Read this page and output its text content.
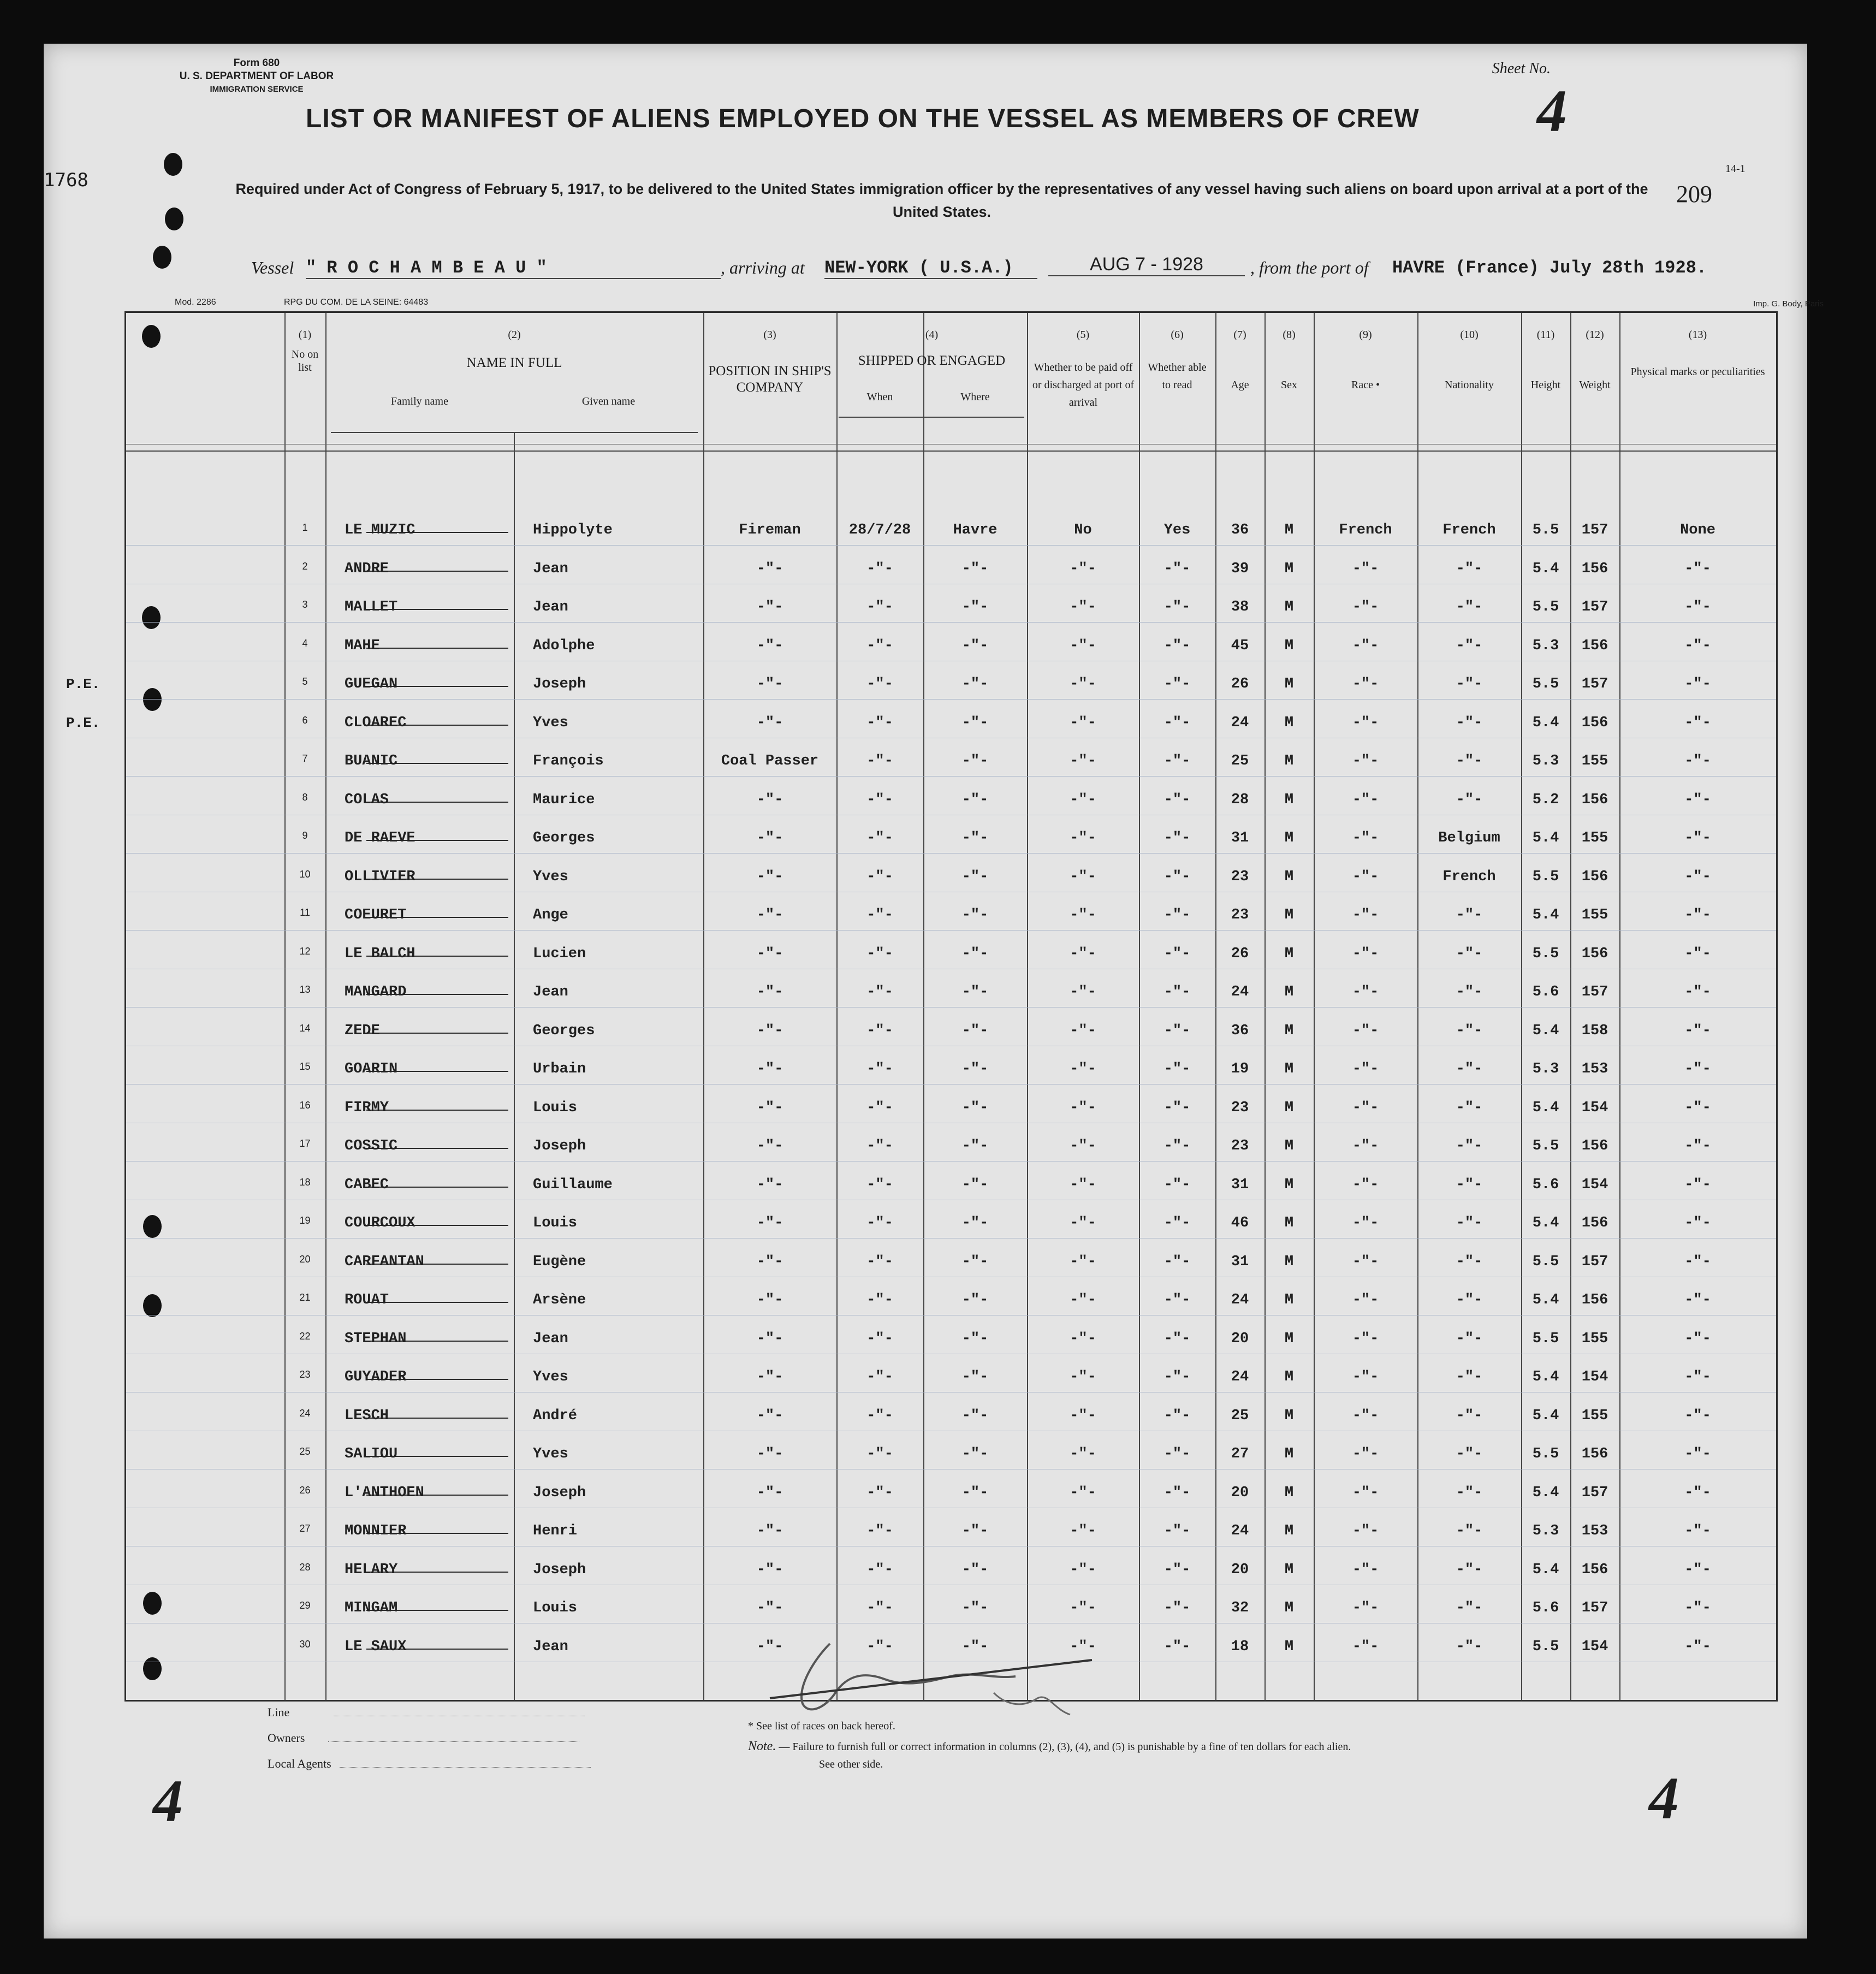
1768
Form 680
U. S. DEPARTMENT OF LABOR
IMMIGRATION SERVICE
Sheet No.
4
LIST OR MANIFEST OF ALIENS EMPLOYED ON THE VESSEL AS MEMBERS OF CREW
Required under Act of Congress of February 5, 1917, to be delivered to the United States immigration officer by the representatives of any vessel having such aliens on board upon arrival at a port of the United States.
14-1
209
Vessel " R O C H A M B E A U "	, arriving at NEW-YORK ( U.S.A.)	AUG 7 - 1928	, from the port of HAVRE (France) July 28th 1928.
Mod. 2286	RPG DU COM. DE LA SEINE: 64483	Imp. G. Body, Paris
(1)
No on list
(2)
NAME IN FULL
Family name	Given name
(3)
POSITION IN SHIP'S COMPANY
(4)
SHIPPED OR ENGAGED
When	Where
(5)
Whether to be paid off or discharged at port of arrival
(6)
Whether able to read
(7)
Age
(8)
Sex
(9)
Race •
(10)
Nationality
(11)
Height
(12)
Weight
(13)
Physical marks or peculiarities
1	LE MUZIC	Hippolyte	Fireman	28/7/28	Havre	No	Yes	36	M	French	French	5.5	157	None
2	ANDRE	Jean	-"-	-"-	-"-	-"-	-"-	39	M	-"-	-"-	5.4	156	-"-
3	MALLET	Jean	-"-	-"-	-"-	-"-	-"-	38	M	-"-	-"-	5.5	157	-"-
4	MAHE	Adolphe	-"-	-"-	-"-	-"-	-"-	45	M	-"-	-"-	5.3	156	-"-
5	GUEGAN	Joseph	-"-	-"-	-"-	-"-	-"-	26	M	-"-	-"-	5.5	157	-"-
P.E.
6	CLOAREC	Yves	-"-	-"-	-"-	-"-	-"-	24	M	-"-	-"-	5.4	156	-"-
P.E.
7	BUANIC	François	Coal Passer	-"-	-"-	-"-	-"-	25	M	-"-	-"-	5.3	155	-"-
8	COLAS	Maurice	-"-	-"-	-"-	-"-	-"-	28	M	-"-	-"-	5.2	156	-"-
9	DE RAEVE	Georges	-"-	-"-	-"-	-"-	-"-	31	M	-"-	Belgium	5.4	155	-"-
10	OLLIVIER	Yves	-"-	-"-	-"-	-"-	-"-	23	M	-"-	French	5.5	156	-"-
11	COEURET	Ange	-"-	-"-	-"-	-"-	-"-	23	M	-"-	-"-	5.4	155	-"-
12	LE BALCH	Lucien	-"-	-"-	-"-	-"-	-"-	26	M	-"-	-"-	5.5	156	-"-
13	MANGARD	Jean	-"-	-"-	-"-	-"-	-"-	24	M	-"-	-"-	5.6	157	-"-
14	ZEDE	Georges	-"-	-"-	-"-	-"-	-"-	36	M	-"-	-"-	5.4	158	-"-
15	GOARIN	Urbain	-"-	-"-	-"-	-"-	-"-	19	M	-"-	-"-	5.3	153	-"-
16	FIRMY	Louis	-"-	-"-	-"-	-"-	-"-	23	M	-"-	-"-	5.4	154	-"-
17	COSSIC	Joseph	-"-	-"-	-"-	-"-	-"-	23	M	-"-	-"-	5.5	156	-"-
18	CABEC	Guillaume	-"-	-"-	-"-	-"-	-"-	31	M	-"-	-"-	5.6	154	-"-
19	COURCOUX	Louis	-"-	-"-	-"-	-"-	-"-	46	M	-"-	-"-	5.4	156	-"-
20	CARFANTAN	Eugène	-"-	-"-	-"-	-"-	-"-	31	M	-"-	-"-	5.5	157	-"-
21	ROUAT	Arsène	-"-	-"-	-"-	-"-	-"-	24	M	-"-	-"-	5.4	156	-"-
22	STEPHAN	Jean	-"-	-"-	-"-	-"-	-"-	20	M	-"-	-"-	5.5	155	-"-
23	GUYADER	Yves	-"-	-"-	-"-	-"-	-"-	24	M	-"-	-"-	5.4	154	-"-
24	LESCH	André	-"-	-"-	-"-	-"-	-"-	25	M	-"-	-"-	5.4	155	-"-
25	SALIOU	Yves	-"-	-"-	-"-	-"-	-"-	27	M	-"-	-"-	5.5	156	-"-
26	L'ANTHOEN	Joseph	-"-	-"-	-"-	-"-	-"-	20	M	-"-	-"-	5.4	157	-"-
27	MONNIER	Henri	-"-	-"-	-"-	-"-	-"-	24	M	-"-	-"-	5.3	153	-"-
28	HELARY	Joseph	-"-	-"-	-"-	-"-	-"-	20	M	-"-	-"-	5.4	156	-"-
29	MINGAM	Louis	-"-	-"-	-"-	-"-	-"-	32	M	-"-	-"-	5.6	157	-"-
30	LE SAUX	Jean	-"-	-"-	-"-	-"-	-"-	18	M	-"-	-"-	5.5	154	-"-
Line
Owners
Local Agents
* See list of races on back hereof.
Note. — Failure to furnish full or correct information in columns (2), (3), (4), and (5) is punishable by a fine of ten dollars for each alien.
See other side.
4	4
